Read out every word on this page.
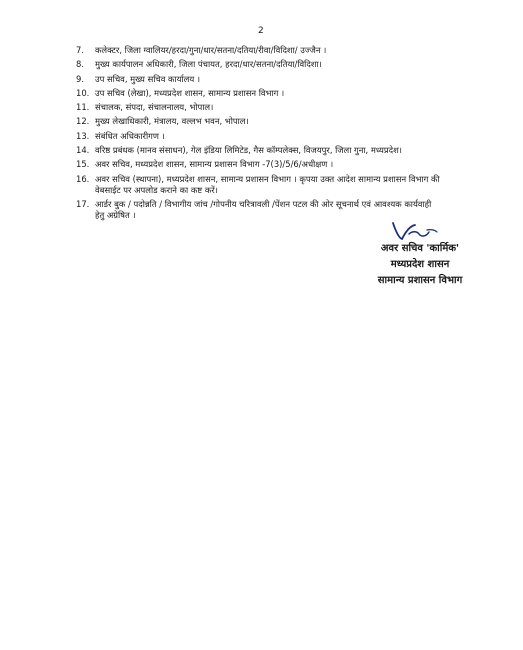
2
7.	कलेक्टर, जिला ग्वालियर/हरदा/गुना/धार/सतना/दतिया/रीवा/विदिशा/ उज्जैन ।
8.	मुख्य कार्यपालन अधिकारी, जिला पंचायत, हरदा/धार/सतना/दतिया/विदिशा।
9.	उप सचिव, मुख्य सचिव कार्यालय ।
10. उप सचिव (लेखा), मध्यप्रदेश शासन, सामान्य प्रशासन विभाग ।
11. संचालक, संपदा, संचालनालय, भोपाल।
12. मुख्य लेखाधिकारी, मंत्रालय, वल्लभ भवन, भोपाल।
13. संबंधित अधिकारीगण ।
14. वरिष्ठ प्रबंधक (मानव संसाधन), गेल इंडिया लिमिटेड, गैस कॉम्पलेक्स, विजयपुर, जिला गुना, मध्यप्रदेश।
15. अवर सचिव, मध्यप्रदेश शासन, सामान्य प्रशासन विभाग -7(3)/5/6/अधीक्षण ।
16. अवर सचिव (स्थापना), मध्यप्रदेश शासन, सामान्य प्रशासन विभाग । कृपया उक्त आदेश सामान्य प्रशासन विभाग की
वेबसाईट पर अपलोड कराने का कष्ट करें।
17. आर्डर बुक / पदोन्नति / विभागीय जांच /गोपनीय चरित्रावली /पेंशन पटल की ओर सूचनार्थ एवं आवश्यक कार्यवाही
हेतु अग्रेषित ।
अवर सचिव 'कार्मिक'
मध्यप्रदेश शासन
सामान्य प्रशासन विभाग
